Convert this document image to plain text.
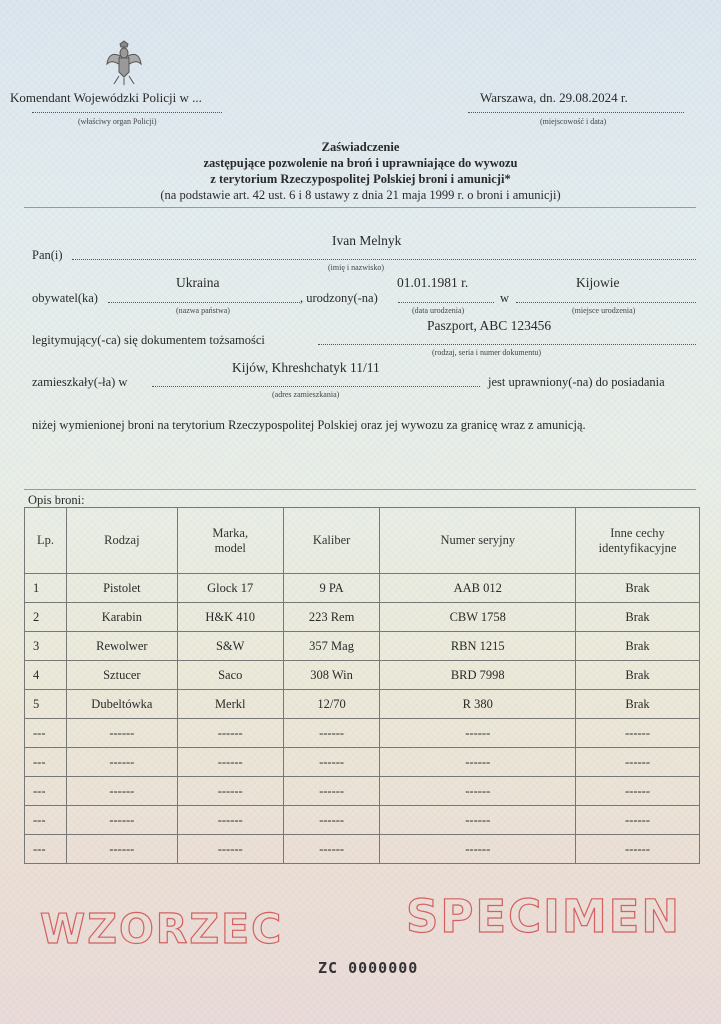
Komendant Wojewódzki Policji w ...
(właściwy organ Policji)
Warszawa, dn. 29.08.2024 r.
(miejscowość i data)
Zaświadczenie
zastępujące pozwolenie na broń i uprawniające do wywozu
z terytorium Rzeczypospolitej Polskiej broni i amunicji*
(na podstawie art. 42 ust. 6 i 8 ustawy z dnia 21 maja 1999 r. o broni i amunicji)
Ivan Melnyk
Pan(i)
(imię i nazwisko)
Ukraina	01.01.1981 r.	Kijowie
obywatel(ka)	, urodzony(-na)	w
(nazwa państwa)	(data urodzenia)	(miejsce urodzenia)
Paszport, ABC 123456
legitymujący(-ca) się dokumentem tożsamości
(rodzaj, seria i numer dokumentu)
Kijów, Khreshchatyk 11/11
zamieszkały(-ła) w	jest uprawniony(-na) do posiadania
(adres zamieszkania)
niżej wymienionej broni na terytorium Rzeczypospolitej Polskiej oraz jej wywozu za granicę wraz z amunicją.
Opis broni:
Lp.	Rodzaj	Marka, model	Kaliber	Numer seryjny	Inne cechy identyfikacyjne

1	Pistolet	Glock 17	9 PA	AAB 012	Brak
2	Karabin	H&K 410	223 Rem	CBW 1758	Brak
3	Rewolwer	S&W	357 Mag	RBN 1215	Brak
4	Sztucer	Saco	308 Win	BRD 7998	Brak
5	Dubeltówka	Merkl	12/70	R 380	Brak
---	------	------	------	------	------
---	------	------	------	------	------
---	------	------	------	------	------
---	------	------	------	------	------
---	------	------	------	------	------
WZORZEC	SPECIMEN
ZC 0000000
